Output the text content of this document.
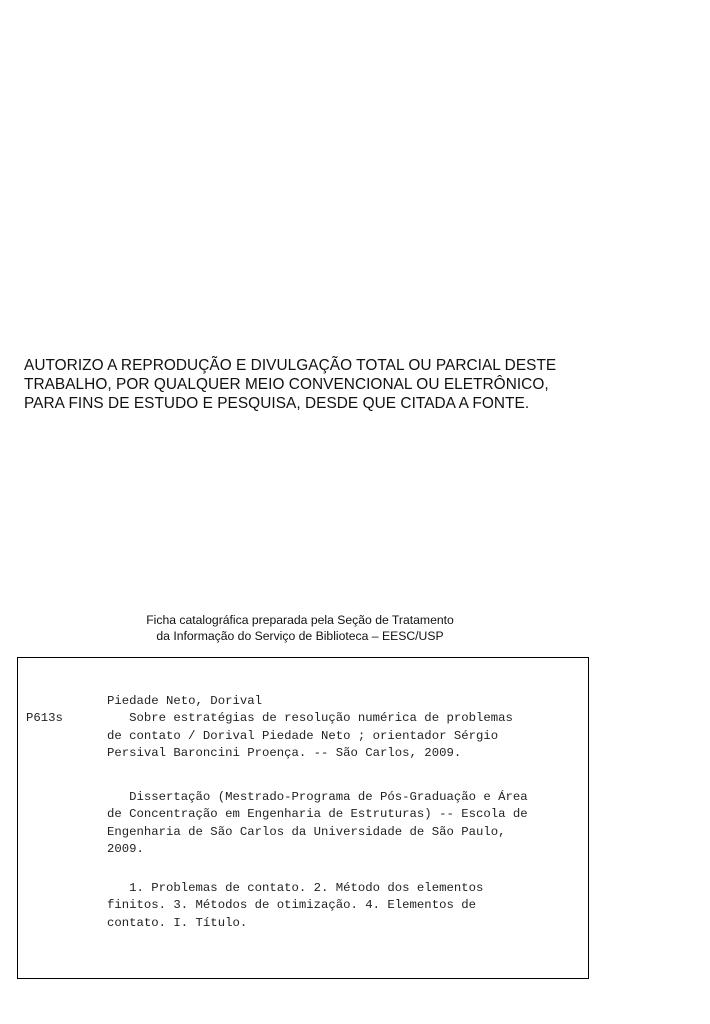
AUTORIZO A REPRODUÇÃO E DIVULGAÇÃO TOTAL OU PARCIAL DESTE
TRABALHO, POR QUALQUER MEIO CONVENCIONAL OU ELETRÔNICO,
PARA FINS DE ESTUDO E PESQUISA, DESDE QUE CITADA A FONTE.
Ficha catalográfica preparada pela Seção de Tratamento
da Informação do Serviço de Biblioteca – EESC/USP
P613s
Piedade Neto, Dorival
Sobre estratégias de resolução numérica de problemas
de contato / Dorival Piedade Neto ; orientador Sérgio
Persival Baroncini Proença. -- São Carlos, 2009.
Dissertação (Mestrado-Programa de Pós-Graduação e Área
de Concentração em Engenharia de Estruturas) -- Escola de
Engenharia de São Carlos da Universidade de São Paulo,
2009.
1. Problemas de contato. 2. Método dos elementos
finitos. 3. Métodos de otimização. 4. Elementos de
contato. I. Título.
